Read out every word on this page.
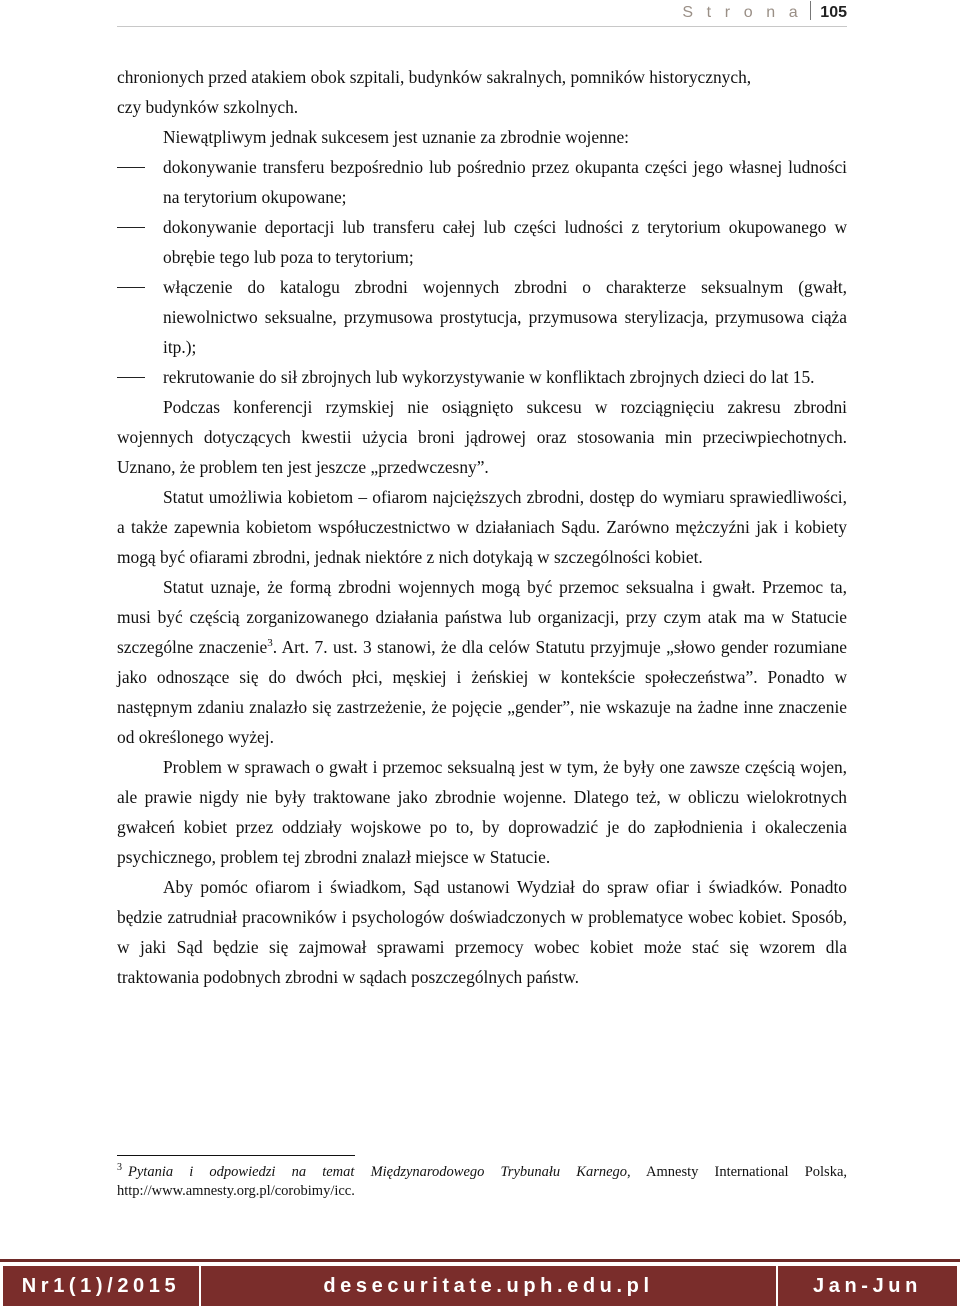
S t r o n a 105

chronionych przed atakiem obok szpitali, budynków sakralnych, pomników historycznych,

czy budynków szkolnych.

Niewątpliwym jednak sukcesem jest uznanie za zbrodnie wojenne:

dokonywanie transferu bezpośrednio lub pośrednio przez okupanta części jego własnej ludności na terytorium okupowane;
dokonywanie deportacji lub transferu całej lub części ludności z terytorium okupowanego w obrębie tego lub poza to terytorium;
włączenie do katalogu zbrodni wojennych zbrodni o charakterze seksualnym (gwałt, niewolnictwo seksualne, przymusowa prostytucja, przymusowa sterylizacja, przymusowa ciąża itp.);
rekrutowanie do sił zbrojnych lub wykorzystywanie w konfliktach zbrojnych dzieci do lat 15.

Podczas konferencji rzymskiej nie osiągnięto sukcesu w rozciągnięciu zakresu zbrodni wojennych dotyczących kwestii użycia broni jądrowej oraz stosowania min przeciwpiechotnych. Uznano, że problem ten jest jeszcze „przedwczesny”.

Statut umożliwia kobietom – ofiarom najcięższych zbrodni, dostęp do wymiaru sprawiedliwości, a także zapewnia kobietom współuczestnictwo w działaniach Sądu. Zarówno mężczyźni jak i kobiety mogą być ofiarami zbrodni, jednak niektóre z nich dotykają w szczególności kobiet.

Statut uznaje, że formą zbrodni wojennych mogą być przemoc seksualna i gwałt. Przemoc ta, musi być częścią zorganizowanego działania państwa lub organizacji, przy czym atak ma w Statucie szczególne znaczenie$^3$. Art. 7. ust. 3 stanowi, że dla celów Statutu przyjmuje „słowo gender rozumiane jako odnoszące się do dwóch płci, męskiej i żeńskiej w kontekście społeczeństwa”. Ponadto w następnym zdaniu znalazło się zastrzeżenie, że pojęcie „gender”, nie wskazuje na żadne inne znaczenie od określonego wyżej.

Problem w sprawach o gwałt i przemoc seksualną jest w tym, że były one zawsze częścią wojen, ale prawie nigdy nie były traktowane jako zbrodnie wojenne. Dlatego też, w obliczu wielokrotnych gwałceń kobiet przez oddziały wojskowe po to, by doprowadzić je do zapłodnienia i okaleczenia psychicznego, problem tej zbrodni znalazł miejsce w Statucie.

Aby pomóc ofiarom i świadkom, Sąd ustanowi Wydział do spraw ofiar i świadków. Ponadto będzie zatrudniał pracowników i psychologów doświadczonych w problematyce wobec kobiet. Sposób, w jaki Sąd będzie się zajmował sprawami przemocy wobec kobiet może stać się wzorem dla traktowania podobnych zbrodni w sądach poszczególnych państw.

$^3$ Pytania i odpowiedzi na temat Międzynarodowego Trybunału Karnego, Amnesty International Polska, http://www.amnesty.org.pl/corobimy/icc.
Nr1(1)/2015	desecuritate.uph.edu.pl	Jan-Jun
